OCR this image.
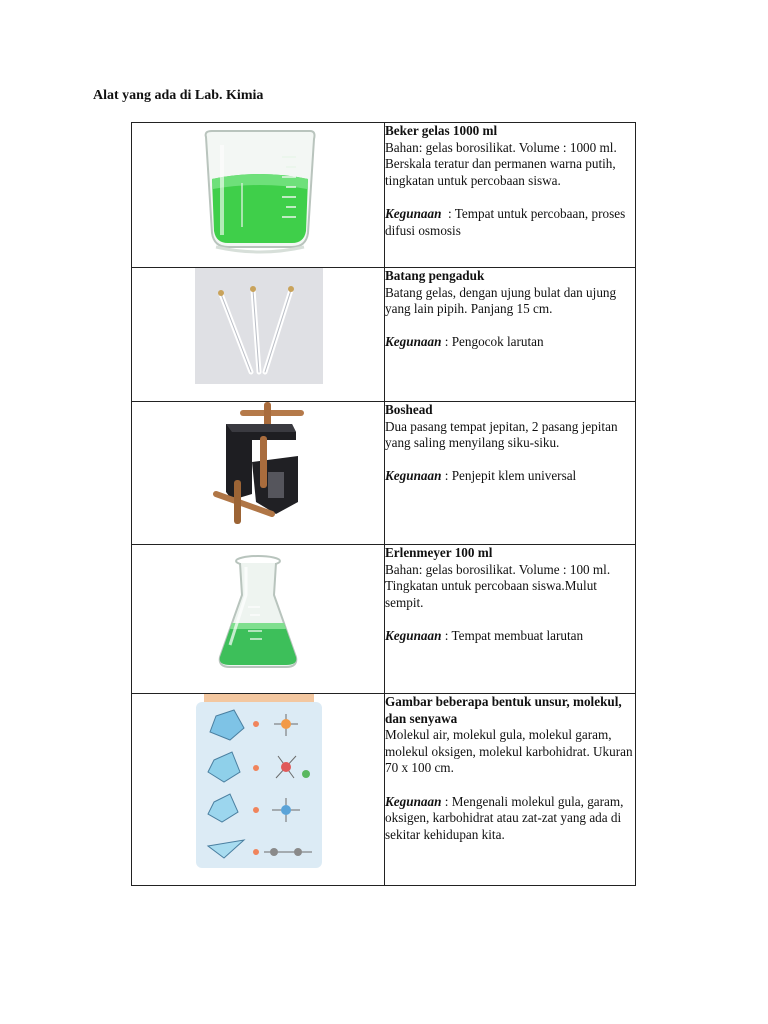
Alat yang ada di Lab. Kimia

Beker gelas 1000 ml
Bahan: gelas borosilikat. Volume : 1000 ml. Berskala teratur dan permanen warna putih, tingkatan untuk percobaan siswa.
Kegunaan  : Tempat untuk percobaan, proses difusi osmosis

Batang pengaduk
Batang gelas, dengan ujung bulat dan ujung yang lain pipih. Panjang 15 cm.
Kegunaan : Pengocok larutan

Boshead
Dua pasang tempat jepitan, 2 pasang jepitan yang saling menyilang siku-siku.
Kegunaan : Penjepit klem universal

Erlenmeyer 100 ml
Bahan: gelas borosilikat. Volume : 100 ml. Tingkatan untuk percobaan siswa.Mulut sempit.
Kegunaan : Tempat membuat larutan

Gambar beberapa bentuk unsur, molekul, dan senyawa
Molekul air, molekul gula, molekul garam, molekul oksigen, molekul karbohidrat. Ukuran 70 x 100 cm.
Kegunaan : Mengenali molekul gula, garam, oksigen, karbohidrat atau zat-zat yang ada di sekitar kehidupan kita.
